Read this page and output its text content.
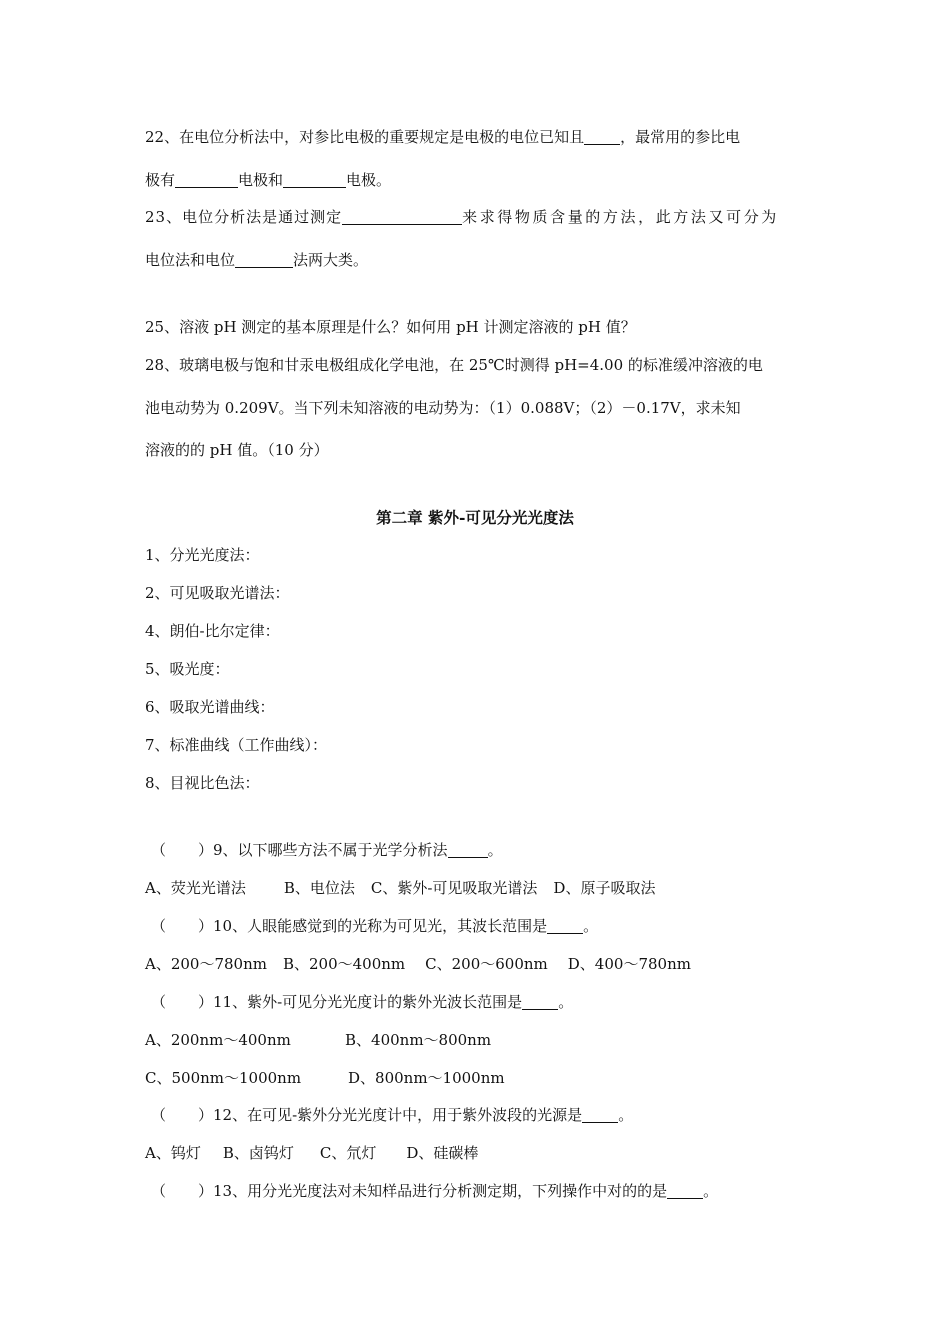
22、在电位分析法中，对参比电极的重要规定是电极的电位已知且 ，最常用的参比电
极有	电极和	电极。
23、电位分析法是通过测定	来求得物质含量的方法，此方法又可分为
电位法和电位	法两大类。
25、溶液 pH 测定的基本原理是什么？如何用 pH 计测定溶液的 pH 值？
28、玻璃电极与饱和甘汞电极组成化学电池，在 25℃时测得 pH=4.00 的标准缓冲溶液的电
池电动势为 0.209V。当下列未知溶液的电动势为：（1）0.088V；（2）－0.17V，求未知
溶液的的 pH 值。（10 分）
第二章 紫外-可见分光光度法
1、分光光度法：
2、可见吸取光谱法：
4、朗伯-比尔定律：
5、吸光度：
6、吸取光谱曲线：
7、标准曲线（工作曲线）：
8、目视比色法：
（ ）9、以下哪些方法不属于光学分析法	。
A、荧光光谱法	B、电位法 C、紫外-可见吸取光谱法 D、原子吸取法
（ ）10、人眼能感觉到的光称为可见光，其波长范围是 。
A、200～780nm B、200～400nm C、200～600nm D、400～780nm
（ ）11、紫外-可见分光光度计的紫外光波长范围是 。
A、200nm～400nm	B、400nm～800nm
C、500nm～1000nm	D、800nm～1000nm
（ ）12、在可见-紫外分光光度计中，用于紫外波段的光源是 。
A、钨灯 B、卤钨灯 C、氘灯 D、硅碳棒
（ ）13、用分光光度法对未知样品进行分析测定期，下列操作中对的的是 。
